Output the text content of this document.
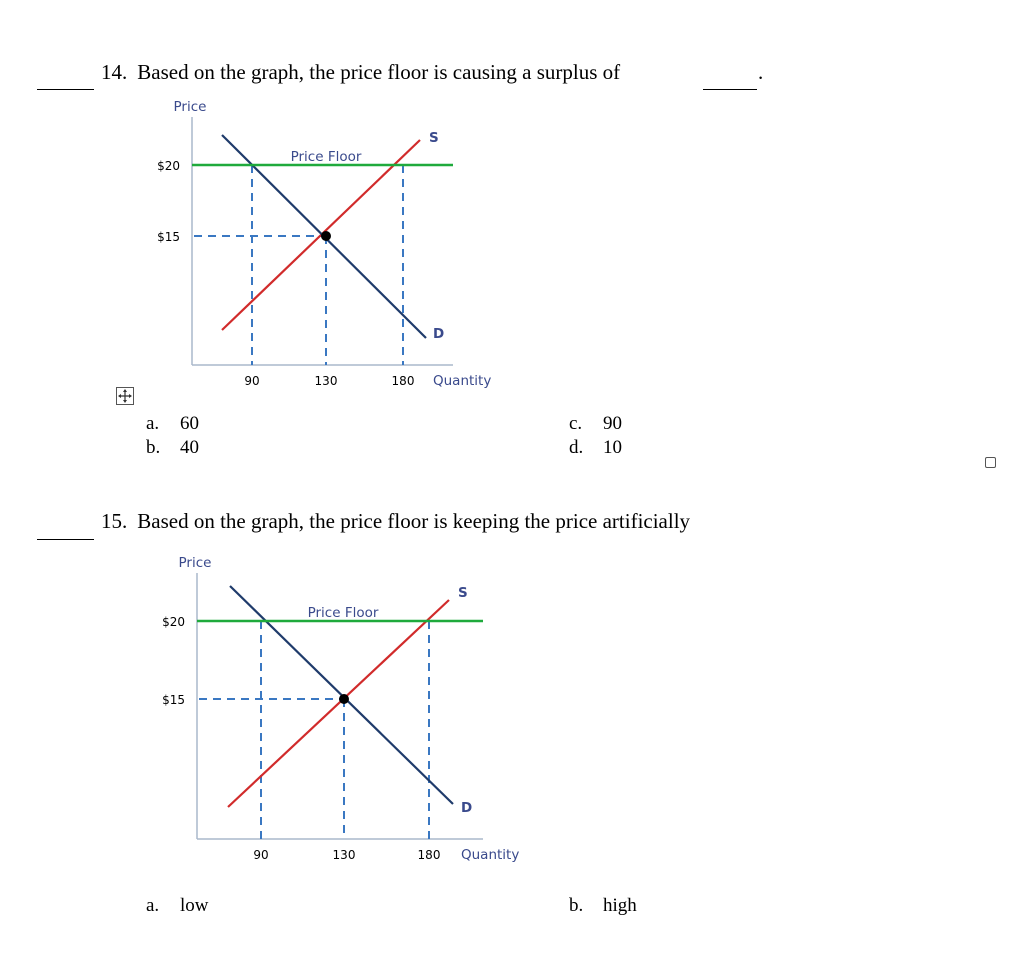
14. Based on the graph, the price floor is causing a surplus of	.
Price
$20
$15
90	130	180 Quantity
Price Floor
S
D
a. 60
b. 40
c. 90
d. 10
15. Based on the graph, the price floor is keeping the price artificially
Price
$20
$15
90	130	180 Quantity
Price Floor
S
D
a. low	b. high
